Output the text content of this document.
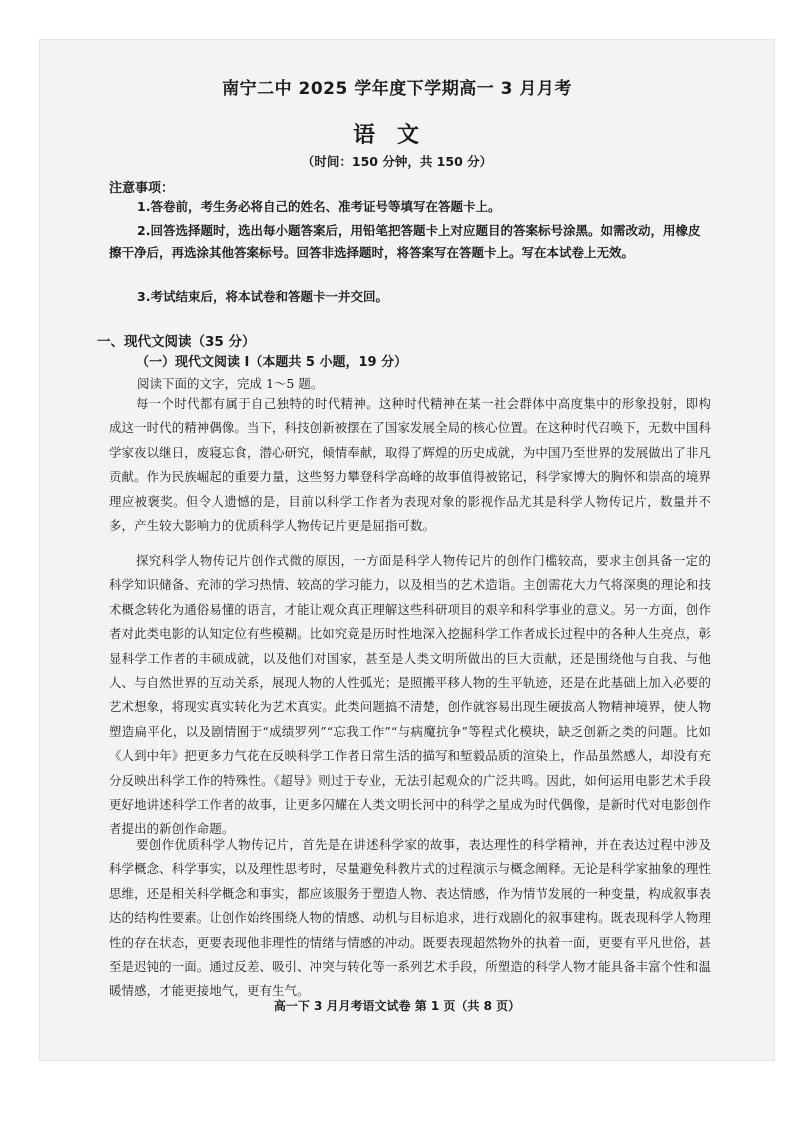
南宁二中 2025 学年度下学期高一 3 月月考
语文
（时间：150 分钟，共 150 分）
注意事项：
1.答卷前，考生务必将自己的姓名、准考证号等填写在答题卡上。
2.回答选择题时，选出每小题答案后，用铅笔把答题卡上对应题目的答案标号涂黑。如需改动，用橡皮擦干净后，再选涂其他答案标号。回答非选择题时，将答案写在答题卡上。写在本试卷上无效。
3.考试结束后，将本试卷和答题卡一并交回。
一、现代文阅读（35 分）
（一）现代文阅读 I（本题共 5 小题，19 分）
阅读下面的文字，完成 1～5 题。
每一个时代都有属于自己独特的时代精神。这种时代精神在某一社会群体中高度集中的形象投射，即构成这一时代的精神偶像。当下，科技创新被摆在了国家发展全局的核心位置。在这种时代召唤下，无数中国科学家夜以继日，废寝忘食，潜心研究，倾情奉献，取得了辉煌的历史成就，为中国乃至世界的发展做出了非凡贡献。作为民族崛起的重要力量，这些努力攀登科学高峰的故事值得被铭记，科学家博大的胸怀和崇高的境界理应被褒奖。但令人遗憾的是，目前以科学工作者为表现对象的影视作品尤其是科学人物传记片，数量并不多，产生较大影响力的优质科学人物传记片更是屈指可数。
探究科学人物传记片创作式微的原因，一方面是科学人物传记片的创作门槛较高，要求主创具备一定的科学知识储备、充沛的学习热情、较高的学习能力，以及相当的艺术造诣。主创需花大力气将深奥的理论和技术概念转化为通俗易懂的语言，才能让观众真正理解这些科研项目的艰辛和科学事业的意义。另一方面，创作者对此类电影的认知定位有些模糊。比如究竟是历时性地深入挖掘科学工作者成长过程中的各种人生亮点，彰显科学工作者的丰硕成就，以及他们对国家，甚至是人类文明所做出的巨大贡献，还是围绕他与自我、与他人、与自然世界的互动关系，展现人物的人性弧光；是照搬平移人物的生平轨迹，还是在此基础上加入必要的艺术想象，将现实真实转化为艺术真实。此类问题搞不清楚，创作就容易出现生硬拔高人物精神境界，使人物塑造扁平化，以及剧情囿于“成绩罗列”“忘我工作”“与病魔抗争”等程式化模块，缺乏创新之类的问题。比如《人到中年》把更多力气花在反映科学工作者日常生活的描写和堑毅品质的渲染上，作品虽然感人，却没有充分反映出科学工作的特殊性。《超导》则过于专业，无法引起观众的广泛共鸣。因此，如何运用电影艺术手段更好地讲述科学工作者的故事，让更多闪耀在人类文明长河中的科学之星成为时代偶像，是新时代对电影创作者提出的新创作命题。
要创作优质科学人物传记片，首先是在讲述科学家的故事，表达理性的科学精神，并在表达过程中涉及科学概念、科学事实，以及理性思考时，尽量避免科教片式的过程演示与概念阐释。无论是科学家抽象的理性思维，还是相关科学概念和事实，都应该服务于塑造人物、表达情感，作为情节发展的一种变量，构成叙事表达的结构性要素。让创作始终围绕人物的情感、动机与目标追求，进行戏剧化的叙事建构。既表现科学人物理性的存在状态，更要表现他非理性的情绪与情感的冲动。既要表现超然物外的执着一面，更要有平凡世俗，甚至是迟钝的一面。通过反差、吸引、冲突与转化等一系列艺术手段，所塑造的科学人物才能具备丰富个性和温暖情感，才能更接地气，更有生气。
高一下 3 月月考语文试卷 第 1 页（共 8 页）
